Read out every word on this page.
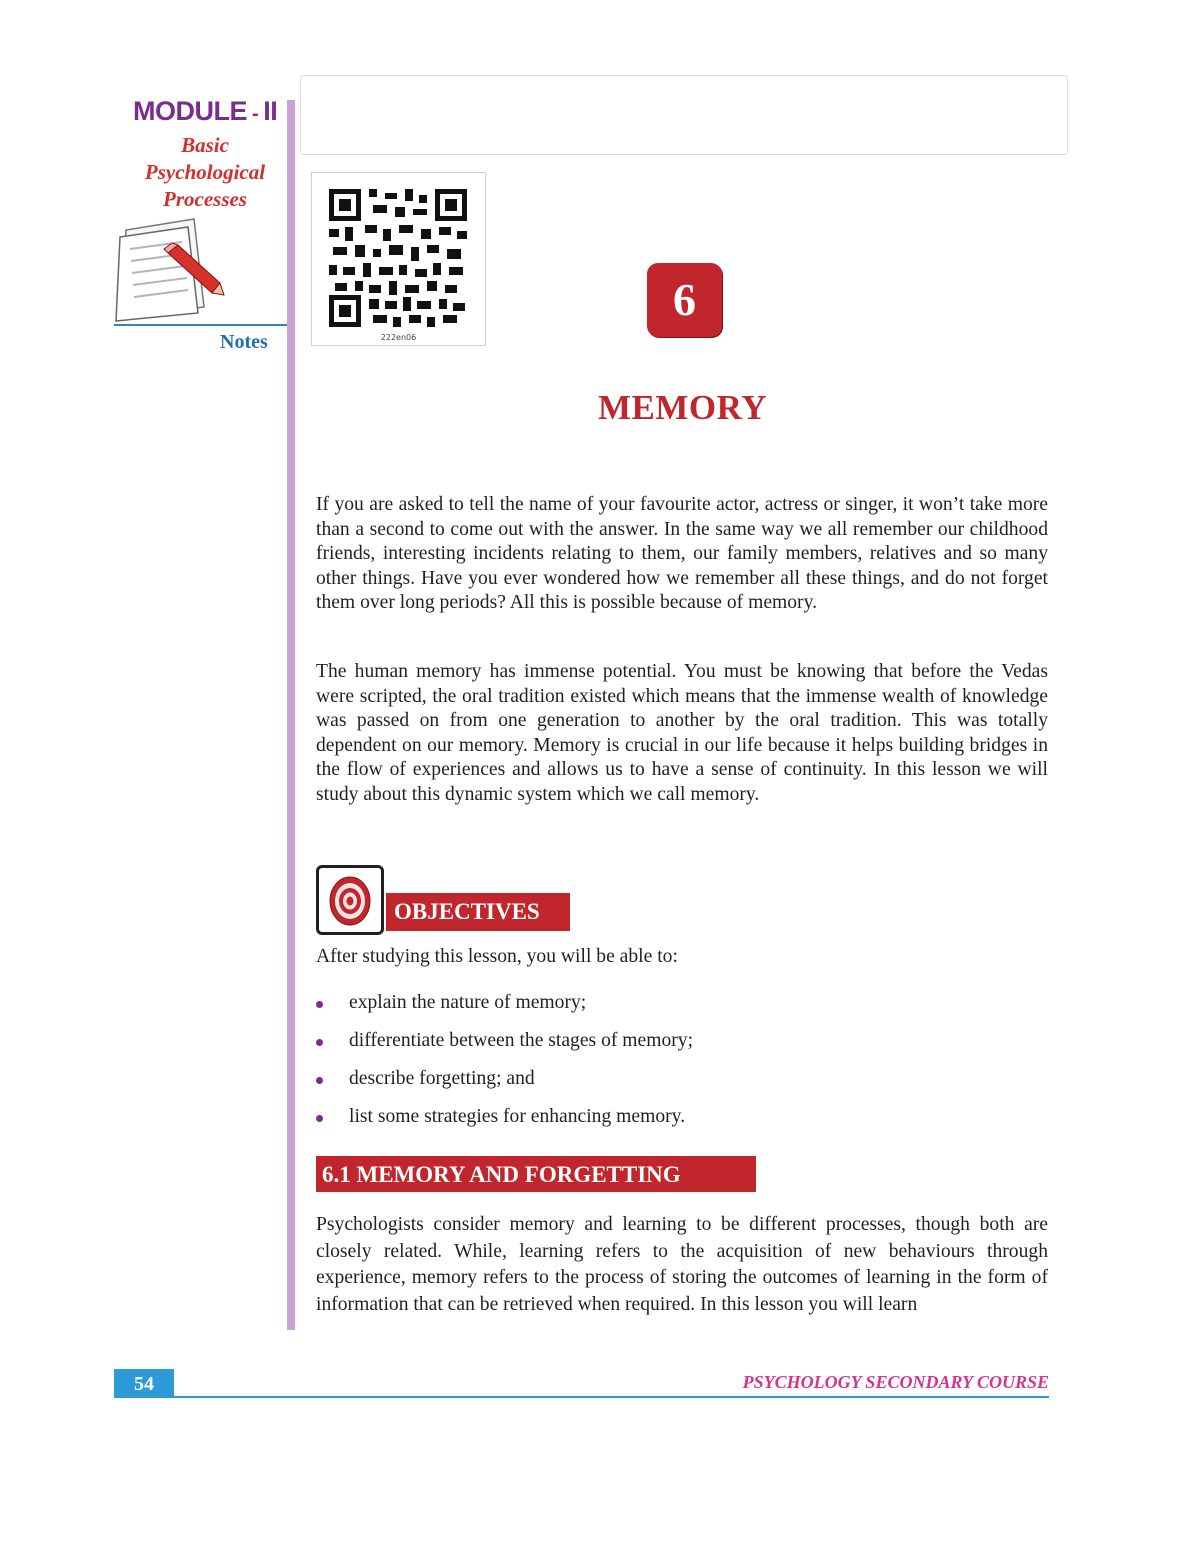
MODULE - II
Basic
Psychological
Processes
Notes	222en06
6
MEMORY

If you are asked to tell the name of your favourite actor, actress or singer, it won’t take more than a second to come out with the answer. In the same way we all remember our childhood friends, interesting incidents relating to them, our family members, relatives and so many other things. Have you ever wondered how we remember all these things, and do not forget them over long periods? All this is possible because of memory.

The human memory has immense potential. You must be knowing that before the Vedas were scripted, the oral tradition existed which means that the immense wealth of knowledge was passed on from one generation to another by the oral tradition. This was totally dependent on our memory. Memory is crucial in our life because it helps building bridges in the flow of experiences and allows us to have a sense of continuity. In this lesson we will study about this dynamic system which we call memory.

OBJECTIVES
After studying this lesson, you will be able to:
explain the nature of memory;
differentiate between the stages of memory;
describe forgetting; and
list some strategies for enhancing memory.
6.1 MEMORY AND FORGETTING

Psychologists consider memory and learning to be different processes, though both are closely related. While, learning refers to the acquisition of new behaviours through experience, memory refers to the process of storing the outcomes of learning in the form of information that can be retrieved when required. In this lesson you will learn

54	PSYCHOLOGY SECONDARY COURSE
